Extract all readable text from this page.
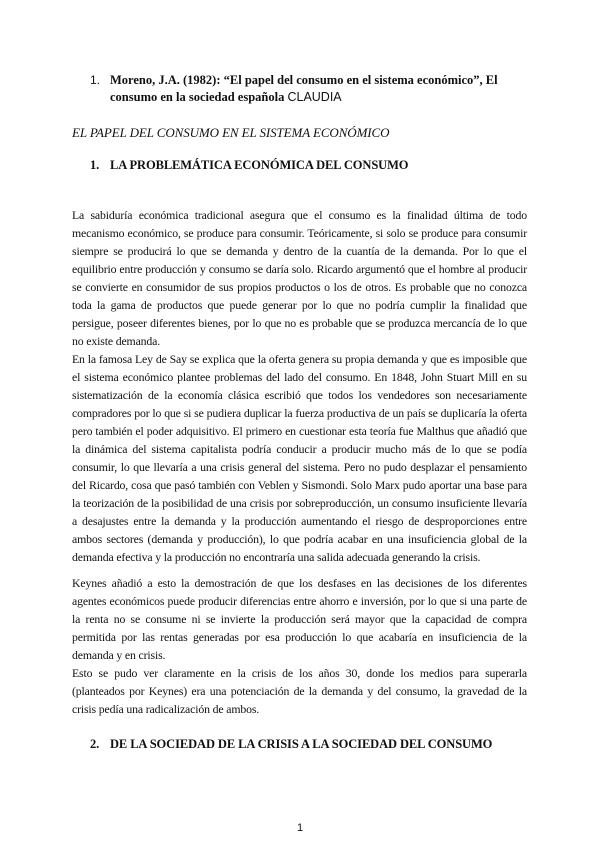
1. Moreno, J.A. (1982): “El papel del consumo en el sistema económico”, El consumo en la sociedad española CLAUDIA
EL PAPEL DEL CONSUMO EN EL SISTEMA ECONÓMICO
1. LA PROBLEMÁTICA ECONÓMICA DEL CONSUMO

La sabiduría económica tradicional asegura que el consumo es la finalidad última de todo mecanismo económico, se produce para consumir. Teóricamente, si solo se produce para consumir siempre se producirá lo que se demanda y dentro de la cuantía de la demanda. Por lo que el equilibrio entre producción y consumo se daría solo. Ricardo argumentó que el hombre al producir se convierte en consumidor de sus propios productos o los de otros. Es probable que no conozca toda la gama de productos que puede generar por lo que no podría cumplir la finalidad que persigue, poseer diferentes bienes, por lo que no es probable que se produzca mercancía de lo que no existe demanda.

En la famosa Ley de Say se explica que la oferta genera su propia demanda y que es imposible que el sistema económico plantee problemas del lado del consumo. En 1848, John Stuart Mill en su sistematización de la economía clásica escribió que todos los vendedores son necesariamente compradores por lo que si se pudiera duplicar la fuerza productiva de un país se duplicaría la oferta pero también el poder adquisitivo. El primero en cuestionar esta teoría fue Malthus que añadió que la dinámica del sistema capitalista podría conducir a producir mucho más de lo que se podía consumir, lo que llevaría a una crisis general del sistema. Pero no pudo desplazar el pensamiento del Ricardo, cosa que pasó también con Veblen y Sismondi. Solo Marx pudo aportar una base para la teorización de la posibilidad de una crisis por sobreproducción, un consumo insuficiente llevaría a desajustes entre la demanda y la producción aumentando el riesgo de desproporciones entre ambos sectores (demanda y producción), lo que podría acabar en una insuficiencia global de la demanda efectiva y la producción no encontraría una salida adecuada generando la crisis.

Keynes añadió a esto la demostración de que los desfases en las decisiones de los diferentes agentes económicos puede producir diferencias entre ahorro e inversión, por lo que si una parte de la renta no se consume ni se invierte la producción será mayor que la capacidad de compra permitida por las rentas generadas por esa producción lo que acabaría en insuficiencia de la demanda y en crisis.

Esto se pudo ver claramente en la crisis de los años 30, donde los medios para superarla (planteados por Keynes) era una potenciación de la demanda y del consumo, la gravedad de la crisis pedía una radicalización de ambos.

2. DE LA SOCIEDAD DE LA CRISIS A LA SOCIEDAD DEL CONSUMO
1
